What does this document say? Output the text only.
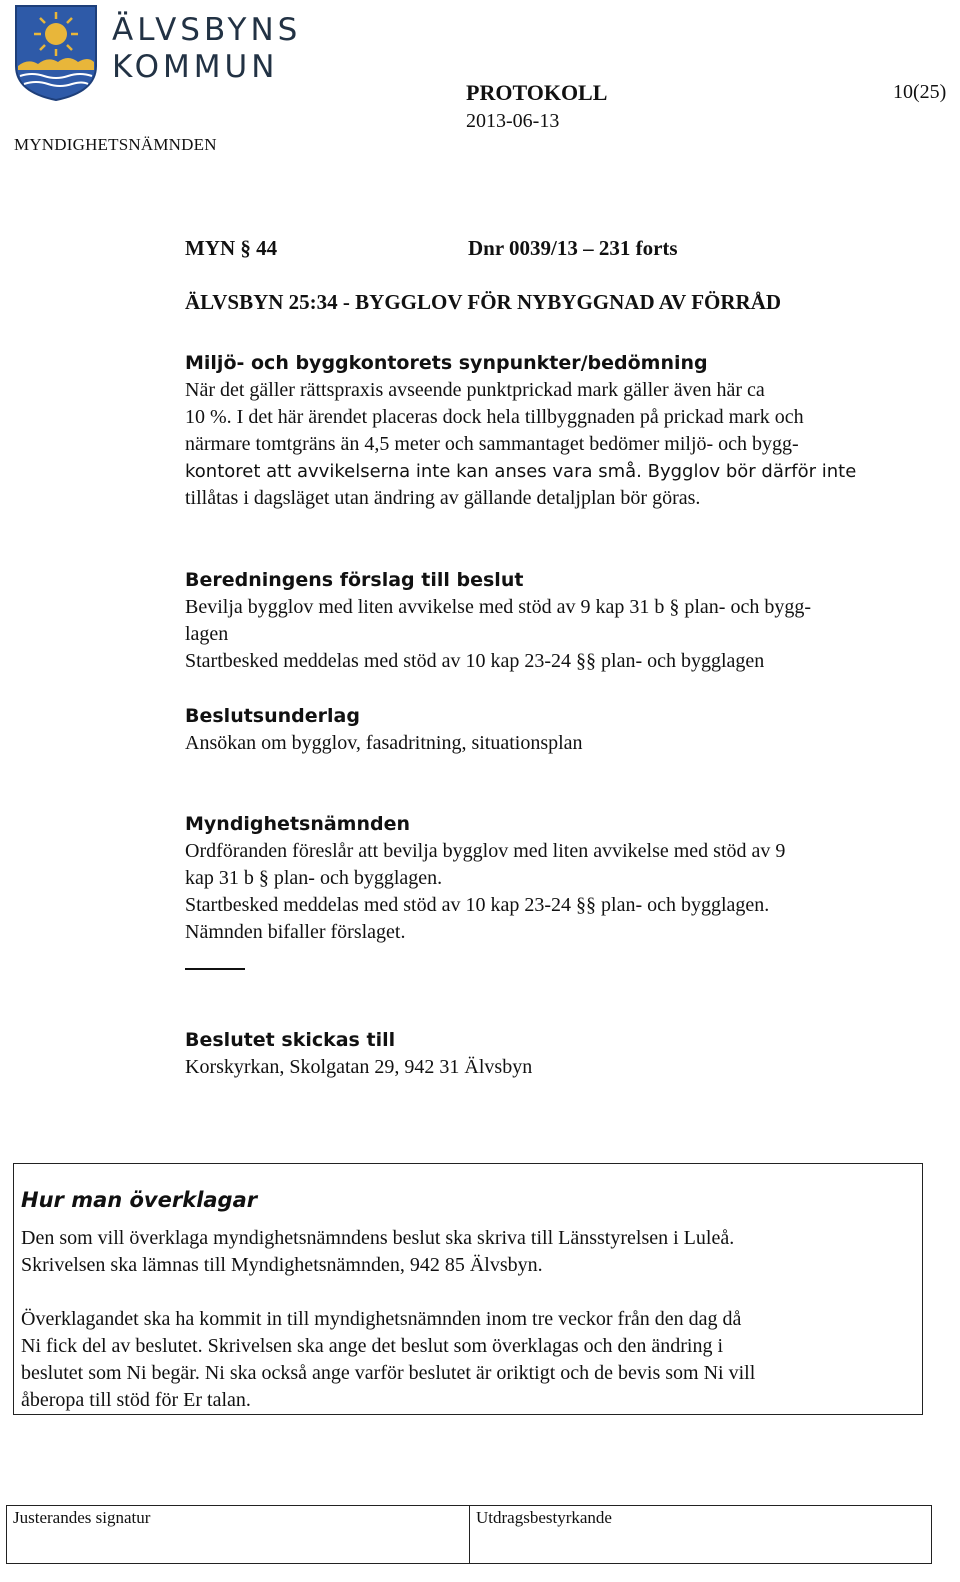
ÄLVSBYNS
KOMMUN
PROTOKOLL
2013-06-13
10(25)
MYNDIGHETSNÄMNDEN
MYN § 44	Dnr 0039/13 – 231 forts
ÄLVSBYN 25:34 - BYGGLOV FÖR NYBYGGNAD AV FÖRRÅD
Miljö- och byggkontorets synpunkter/bedömning
När det gäller rättspraxis avseende punktprickad mark gäller även här ca
10 %. I det här ärendet placeras dock hela tillbyggnaden på prickad mark och
närmare tomtgräns än 4,5 meter och sammantaget bedömer miljö- och bygg-
kontoret att avvikelserna inte kan anses vara små. Bygglov bör därför inte
tillåtas i dagsläget utan ändring av gällande detaljplan bör göras.
Beredningens förslag till beslut
Bevilja bygglov med liten avvikelse med stöd av 9 kap 31 b § plan- och bygg-
lagen
Startbesked meddelas med stöd av 10 kap 23-24 §§ plan- och bygglagen
Beslutsunderlag
Ansökan om bygglov, fasadritning, situationsplan
Myndighetsnämnden
Ordföranden föreslår att bevilja bygglov med liten avvikelse med stöd av 9
kap 31 b § plan- och bygglagen.
Startbesked meddelas med stöd av 10 kap 23-24 §§ plan- och bygglagen.
Nämnden bifaller förslaget.
Beslutet skickas till
Korskyrkan, Skolgatan 29, 942 31 Älvsbyn
Hur man överklagar
Den som vill överklaga myndighetsnämndens beslut ska skriva till Länsstyrelsen i Luleå.
Skrivelsen ska lämnas till Myndighetsnämnden, 942 85 Älvsbyn.
Överklagandet ska ha kommit in till myndighetsnämnden inom tre veckor från den dag då
Ni fick del av beslutet. Skrivelsen ska ange det beslut som överklagas och den ändring i
beslutet som Ni begär. Ni ska också ange varför beslutet är oriktigt och de bevis som Ni vill
åberopa till stöd för Er talan.
Justerandes signatur	Utdragsbestyrkande
